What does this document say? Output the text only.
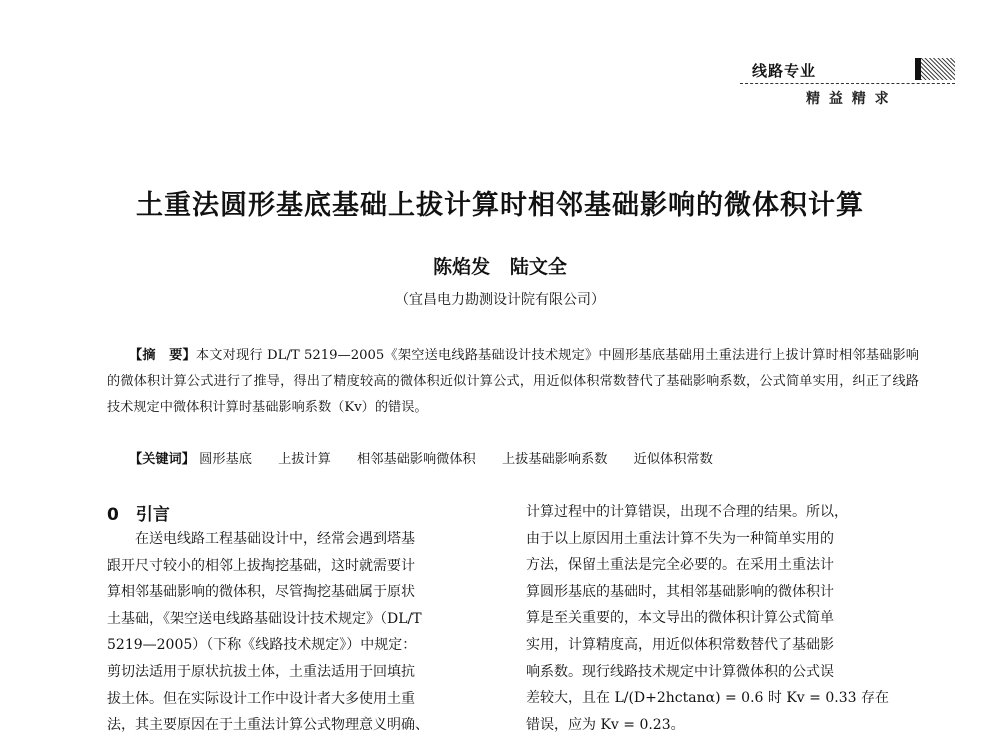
线路专业
精 益 精 求
土重法圆形基底基础上拔计算时相邻基础影响的微体积计算
陈焰发   陆文全
（宜昌电力勘测设计院有限公司）
【摘　要】本文对现行 DL/T 5219—2005《架空送电线路基础设计技术规定》中圆形基底基础用土重法进行上拔计算时相邻基础影响的微体积计算公式进行了推导，得出了精度较高的微体积近似计算公式，用近似体积常数替代了基础影响系数，公式简单实用，纠正了线路技术规定中微体积计算时基础影响系数（Kv）的错误。
【关键词】 圆形基底 上拔计算 相邻基础影响微体积 上拔基础影响系数 近似体积常数
0　引言
在送电线路工程基础设计中，经常会遇到塔基
跟开尺寸较小的相邻上拔掏挖基础，这时就需要计
算相邻基础影响的微体积，尽管掏挖基础属于原状
土基础，《架空送电线路基础设计技术规定》（DL/T
5219—2005）（下称《线路技术规定》）中规定：
剪切法适用于原状抗拔土体，土重法适用于回填抗
拔土体。但在实际设计工作中设计者大多使用土重
法，其主要原因在于土重法计算公式物理意义明确、
计算过程中的计算错误，出现不合理的结果。所以，
由于以上原因用土重法计算不失为一种简单实用的
方法，保留土重法是完全必要的。在采用土重法计
算圆形基底的基础时，其相邻基础影响的微体积计
算是至关重要的，本文导出的微体积计算公式简单
实用，计算精度高，用近似体积常数替代了基础影
响系数。现行线路技术规定中计算微体积的公式误
差较大，且在 L/(D+2hctanα) = 0.6 时 Kv = 0.33 存在
错误，应为 Kv = 0.23。
